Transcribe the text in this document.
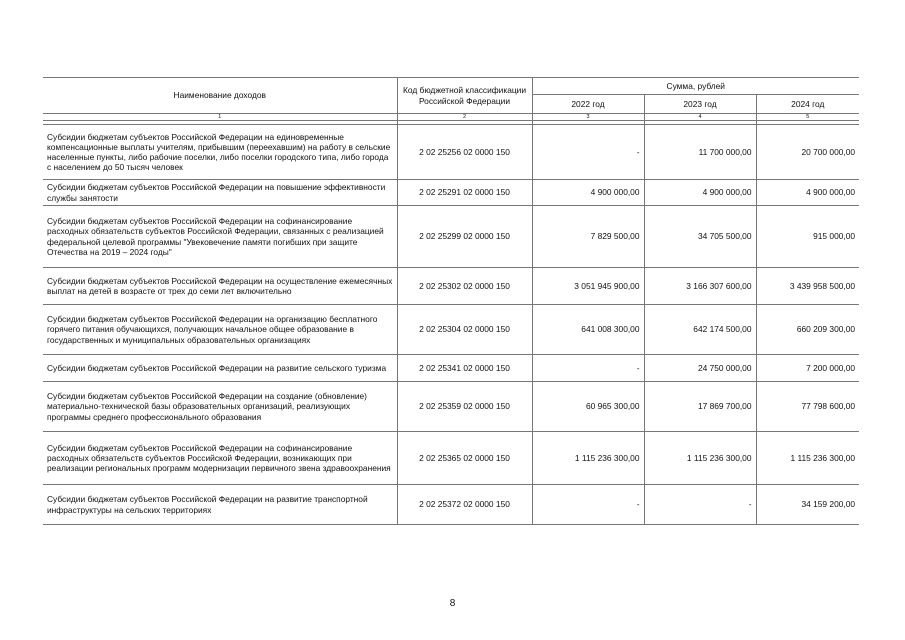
Наименование доходов	Код бюджетной классификации Российской Федерации	Сумма, рублей		
		2022 год	2023 год	2024 год
1	2	3	4	5

Субсидии бюджетам субъектов Российской Федерации на единовременные компенсационные выплаты учителям, прибывшим (переехавшим) на работу в сельские населенные пункты, либо рабочие поселки, либо поселки городского типа, либо города с населением до 50 тысяч человек	2 02 25256 02 0000 150	-	11 700 000,00	20 700 000,00
Субсидии бюджетам субъектов Российской Федерации на повышение эффективности службы занятости	2 02 25291 02 0000 150	4 900 000,00	4 900 000,00	4 900 000,00
Субсидии бюджетам субъектов Российской Федерации на софинансирование расходных обязательств субъектов Российской Федерации, связанных с реализацией федеральной целевой программы "Увековечение памяти погибших при защите Отечества на 2019 – 2024 годы"	2 02 25299 02 0000 150	7 829 500,00	34 705 500,00	915 000,00
Субсидии бюджетам субъектов Российской Федерации на осуществление ежемесячных выплат на детей в возрасте от трех до семи лет включительно	2 02 25302 02 0000 150	3 051 945 900,00	3 166 307 600,00	3 439 958 500,00
Субсидии бюджетам субъектов Российской Федерации на организацию бесплатного горячего питания обучающихся, получающих начальное общее образование в государственных и муниципальных образовательных организациях	2 02 25304 02 0000 150	641 008 300,00	642 174 500,00	660 209 300,00
Субсидии бюджетам субъектов Российской Федерации на развитие сельского туризма	2 02 25341 02 0000 150	-	24 750 000,00	7 200 000,00
Субсидии бюджетам субъектов Российской Федерации на создание (обновление) материально-технической базы образовательных организаций, реализующих программы среднего профессионального образования	2 02 25359 02 0000 150	60 965 300,00	17 869 700,00	77 798 600,00
Субсидии бюджетам субъектов Российской Федерации на софинансирование расходных обязательств субъектов Российской Федерации, возникающих при реализации региональных программ модернизации первичного звена здравоохранения	2 02 25365 02 0000 150	1 115 236 300,00	1 115 236 300,00	1 115 236 300,00
Субсидии бюджетам субъектов Российской Федерации на развитие транспортной инфраструктуры на сельских территориях	2 02 25372 02 0000 150	-	-	34 159 200,00
8
